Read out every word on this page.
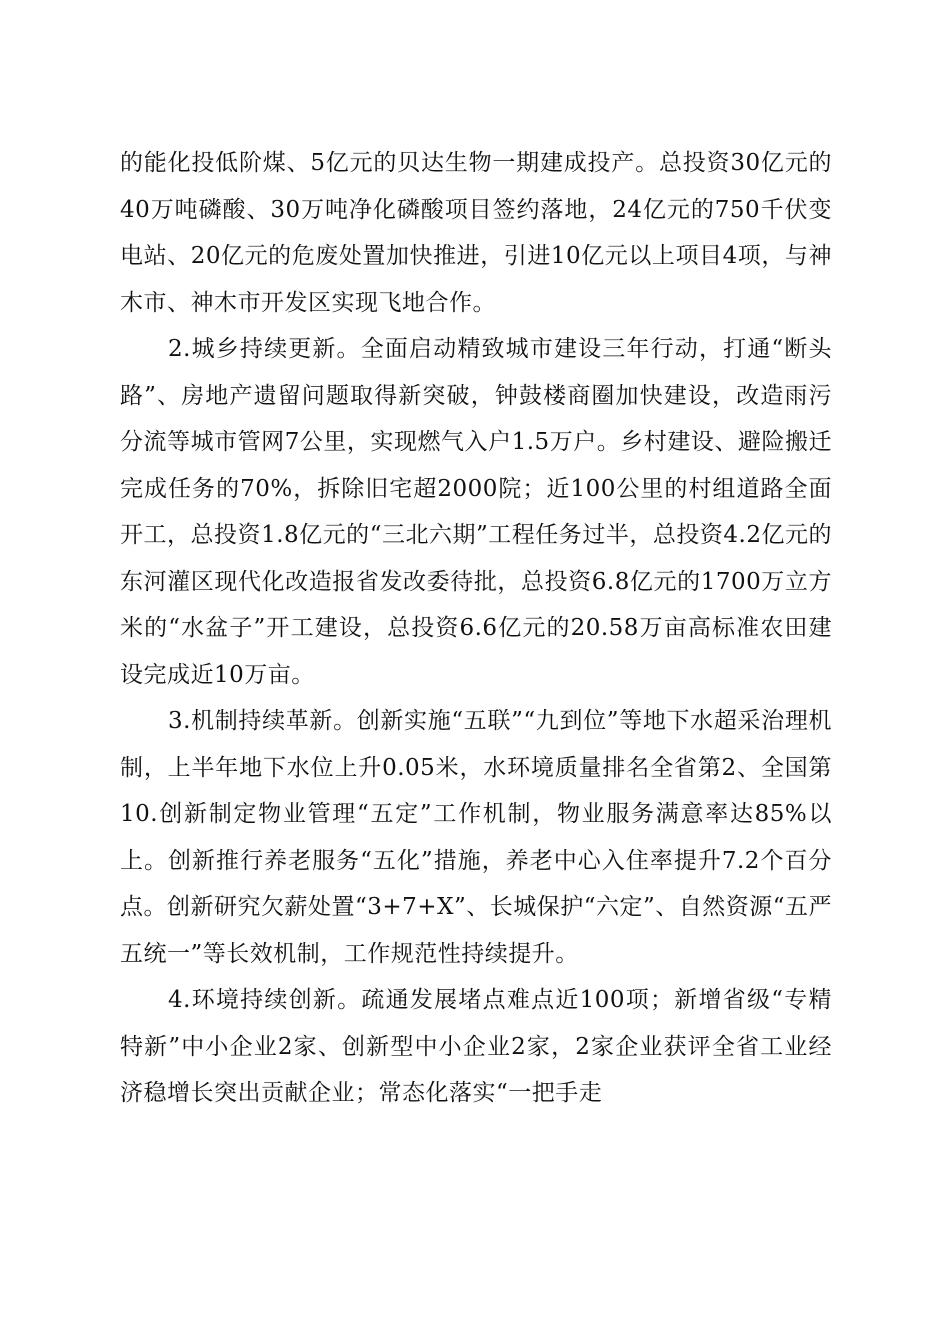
的能化投低阶煤、5亿元的贝达生物一期建成投产。总投资30亿元的40万吨磷酸、30万吨净化磷酸项目签约落地，24亿元的750千伏变电站、20亿元的危废处置加快推进，引进10亿元以上项目4项，与神木市、神木市开发区实现飞地合作。

2.城乡持续更新。全面启动精致城市建设三年行动，打通“断头路”、房地产遗留问题取得新突破，钟鼓楼商圈加快建设，改造雨污分流等城市管网7公里，实现燃气入户1.5万户。乡村建设、避险搬迁完成任务的70%，拆除旧宅超2000院；近100公里的村组道路全面开工，总投资1.8亿元的“三北六期”工程任务过半，总投资4.2亿元的东河灌区现代化改造报省发改委待批，总投资6.8亿元的1700万立方米的“水盆子”开工建设，总投资6.6亿元的20.58万亩高标准农田建设完成近10万亩。

3.机制持续革新。创新实施“五联”“九到位”等地下水超采治理机制，上半年地下水位上升0.05米，水环境质量排名全省第2、全国第10.创新制定物业管理“五定”工作机制，物业服务满意率达85%以上。创新推行养老服务“五化”措施，养老中心入住率提升7.2个百分点。创新研究欠薪处置“3+7+X”、长城保护“六定”、自然资源“五严五统一”等长效机制，工作规范性持续提升。

4.环境持续创新。疏通发展堵点难点近100项；新增省级“专精特新”中小企业2家、创新型中小企业2家，2家企业获评全省工业经济稳增长突出贡献企业；常态化落实“一把手走
